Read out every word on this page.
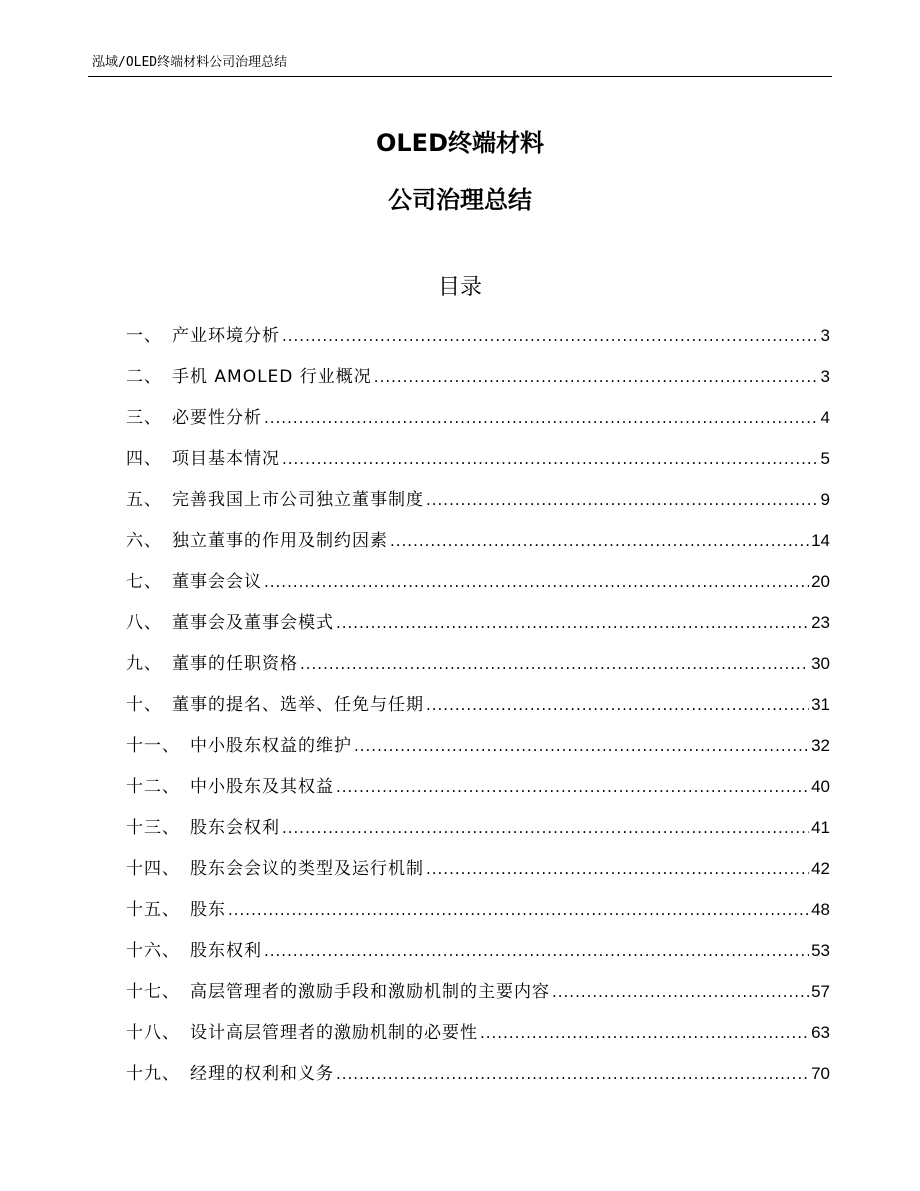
泓域/OLED终端材料公司治理总结
OLED终端材料
公司治理总结
目录
一、 产业环境分析 .....	3
二、 手机 AMOLED 行业概况 .....	3
三、 必要性分析 .....	4
四、 项目基本情况 .....	5
五、 完善我国上市公司独立董事制度 .....	9
六、 独立董事的作用及制约因素 .....	14
七、 董事会会议 .....	20
八、 董事会及董事会模式 .....	23
九、 董事的任职资格 .....	30
十、 董事的提名、选举、任免与任期 .....	31
十一、 中小股东权益的维护 .....	32
十二、 中小股东及其权益 .....	40
十三、 股东会权利 .....	41
十四、 股东会会议的类型及运行机制 .....	42
十五、 股东 .....	48
十六、 股东权利 .....	53
十七、 高层管理者的激励手段和激励机制的主要内容 .....	57
十八、 设计高层管理者的激励机制的必要性 .....	63
十九、 经理的权利和义务 .....	70
